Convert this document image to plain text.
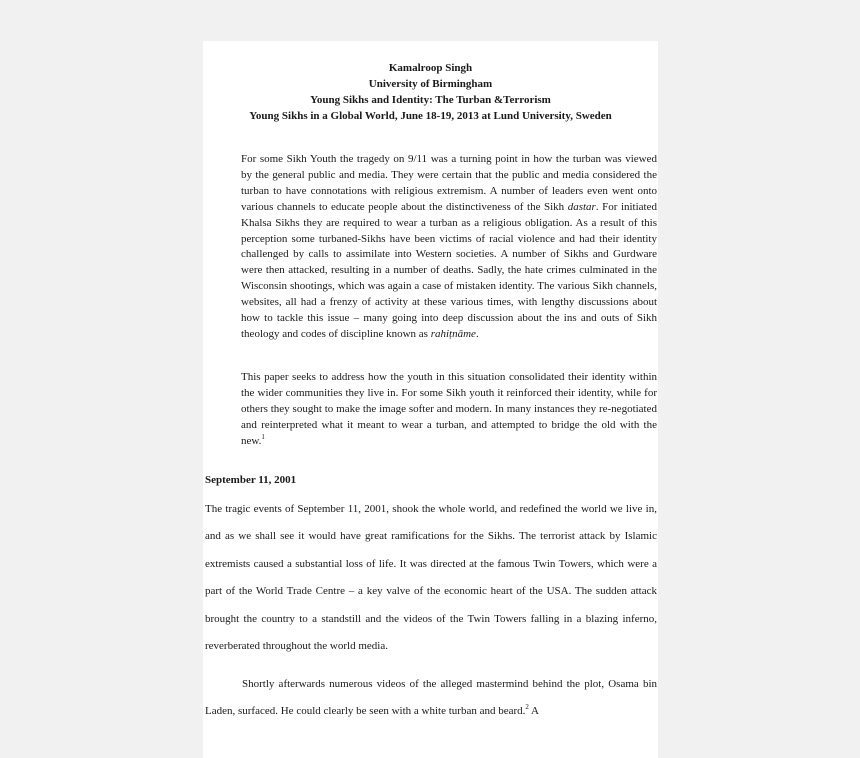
Kamalroop Singh
University of Birmingham
Young Sikhs and Identity: The Turban &Terrorism
Young Sikhs in a Global World, June 18-19, 2013 at Lund University, Sweden

For some Sikh Youth the tragedy on 9/11 was a turning point in how the turban was viewed by the general public and media. They were certain that the public and media considered the turban to have connotations with religious extremism. A number of leaders even went onto various channels to educate people about the distinctiveness of the Sikh dastar. For initiated Khalsa Sikhs they are required to wear a turban as a religious obligation. As a result of this perception some turbaned-Sikhs have been victims of racial violence and had their identity challenged by calls to assimilate into Western societies. A number of Sikhs and Gurdware were then attacked, resulting in a number of deaths. Sadly, the hate crimes culminated in the Wisconsin shootings, which was again a case of mistaken identity. The various Sikh channels, websites, all had a frenzy of activity at these various times, with lengthy discussions about how to tackle this issue – many going into deep discussion about the ins and outs of Sikh theology and codes of discipline known as rahiṭnāme.

This paper seeks to address how the youth in this situation consolidated their identity within the wider communities they live in. For some Sikh youth it reinforced their identity, while for others they sought to make the image softer and modern. In many instances they re-negotiated and reinterpreted what it meant to wear a turban, and attempted to bridge the old with the new.$^1$

September 11, 2001

The tragic events of September 11, 2001, shook the whole world, and redefined the world we live in, and as we shall see it would have great ramifications for the Sikhs. The terrorist attack by Islamic extremists caused a substantial loss of life. It was directed at the famous Twin Towers, which were a part of the World Trade Centre – a key valve of the economic heart of the USA. The sudden attack brought the country to a standstill and the videos of the Twin Towers falling in a blazing inferno, reverberated throughout the world media.

Shortly afterwards numerous videos of the alleged mastermind behind the plot, Osama bin Laden, surfaced. He could clearly be seen with a white turban and beard.$^2$ A
